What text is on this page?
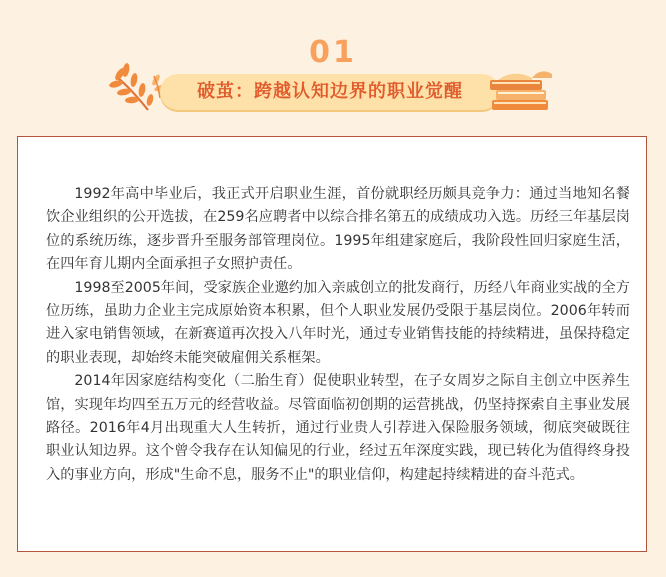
01
破茧：跨越认知边界的职业觉醒

1992年高中毕业后，我正式开启职业生涯，首份就职经历颇具竞争力：通过当地知名餐饮企业组织的公开选拔，在259名应聘者中以综合排名第五的成绩成功入选。历经三年基层岗位的系统历练，逐步晋升至服务部管理岗位。1995年组建家庭后，我阶段性回归家庭生活，在四年育儿期内全面承担子女照护责任。

1998至2005年间，受家族企业邀约加入亲戚创立的批发商行，历经八年商业实战的全方位历练，虽助力企业主完成原始资本积累，但个人职业发展仍受限于基层岗位。2006年转而进入家电销售领域，在新赛道再次投入八年时光，通过专业销售技能的持续精进，虽保持稳定的职业表现，却始终未能突破雇佣关系框架。

2014年因家庭结构变化（二胎生育）促使职业转型，在子女周岁之际自主创立中医养生馆，实现年均四至五万元的经营收益。尽管面临初创期的运营挑战，仍坚持探索自主事业发展路径。2016年4月出现重大人生转折，通过行业贵人引荐进入保险服务领域，彻底突破既往职业认知边界。这个曾令我存在认知偏见的行业，经过五年深度实践，现已转化为值得终身投入的事业方向，形成"生命不息，服务不止"的职业信仰，构建起持续精进的奋斗范式。
